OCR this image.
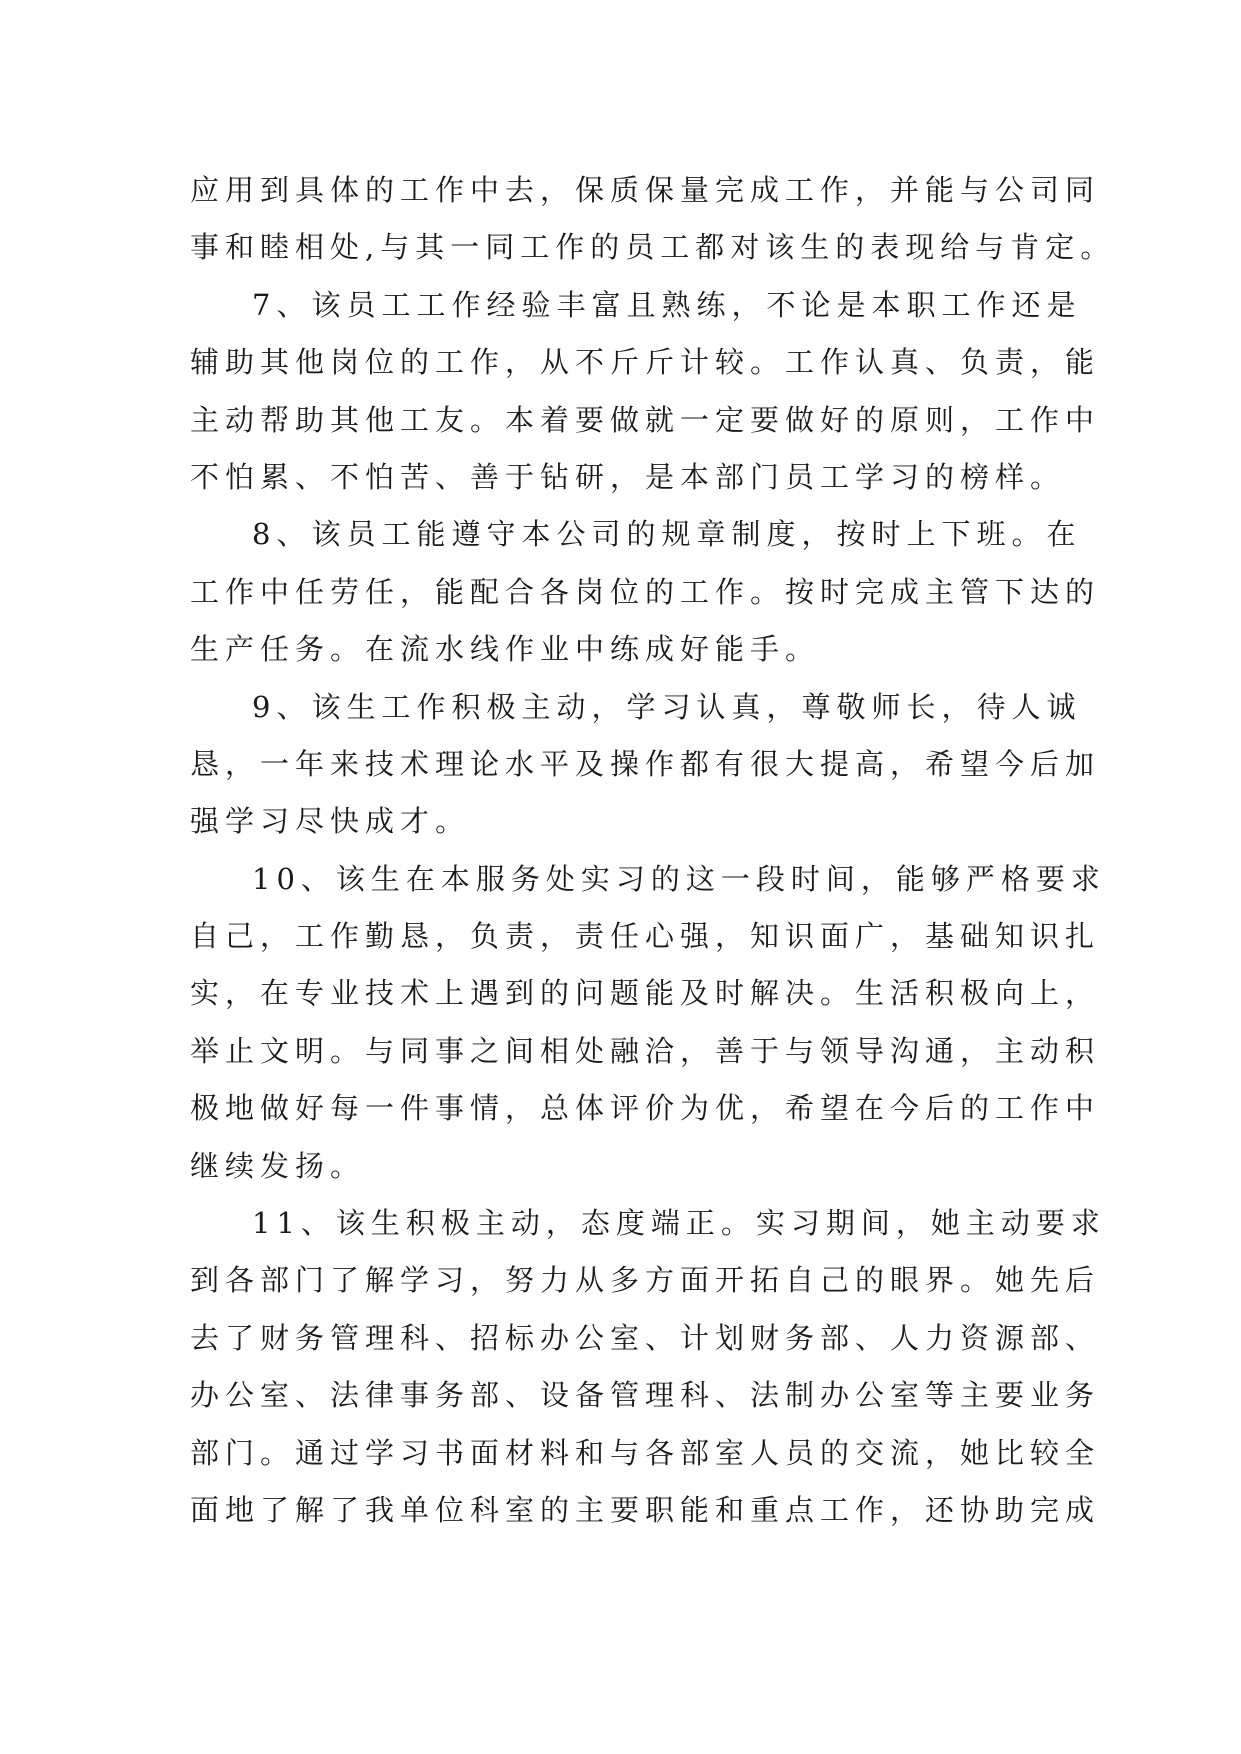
应用到具体的工作中去，保质保量完成工作，并能与公司同
事和睦相处,与其一同工作的员工都对该生的表现给与肯定。
7、该员工工作经验丰富且熟练，不论是本职工作还是
辅助其他岗位的工作，从不斤斤计较。工作认真、负责，能
主动帮助其他工友。本着要做就一定要做好的原则，工作中
不怕累、不怕苦、善于钻研，是本部门员工学习的榜样。
8、该员工能遵守本公司的规章制度，按时上下班。在
工作中任劳任，能配合各岗位的工作。按时完成主管下达的
生产任务。在流水线作业中练成好能手。
9、该生工作积极主动，学习认真，尊敬师长，待人诚
恳，一年来技术理论水平及操作都有很大提高，希望今后加
强学习尽快成才。
10、该生在本服务处实习的这一段时间，能够严格要求
自己，工作勤恳，负责，责任心强，知识面广，基础知识扎
实，在专业技术上遇到的问题能及时解决。生活积极向上，
举止文明。与同事之间相处融洽，善于与领导沟通，主动积
极地做好每一件事情，总体评价为优，希望在今后的工作中
继续发扬。
11、该生积极主动，态度端正。实习期间，她主动要求
到各部门了解学习，努力从多方面开拓自己的眼界。她先后
去了财务管理科、招标办公室、计划财务部、人力资源部、
办公室、法律事务部、设备管理科、法制办公室等主要业务
部门。通过学习书面材料和与各部室人员的交流，她比较全
面地了解了我单位科室的主要职能和重点工作，还协助完成
